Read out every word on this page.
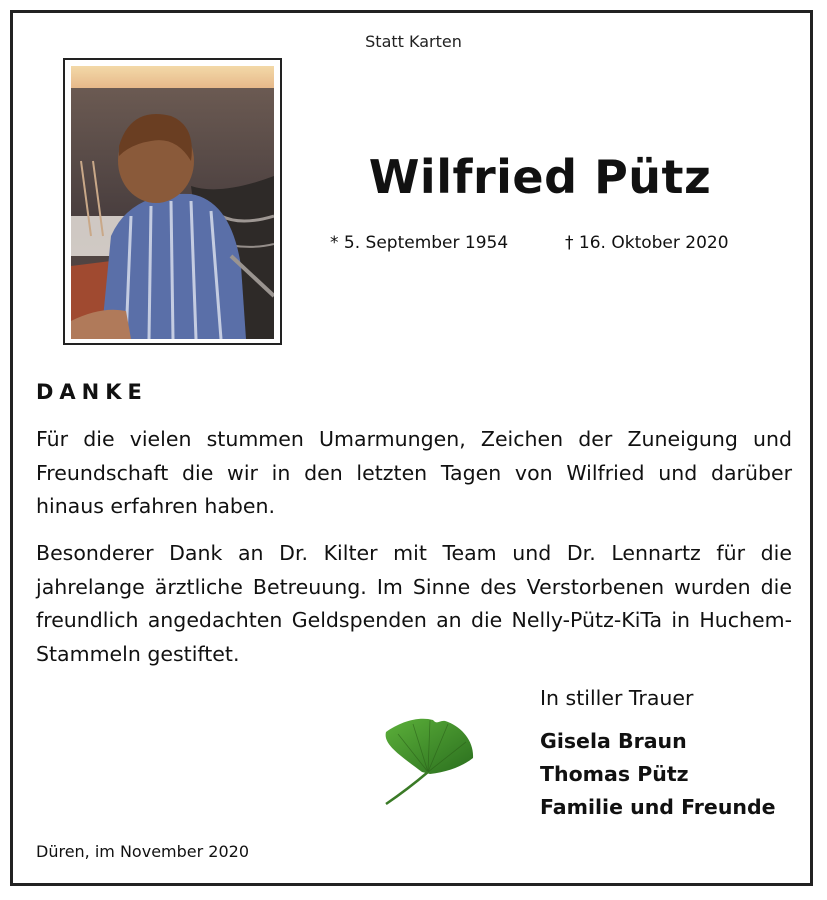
Statt Karten
Wilfried Pütz
* 5. September 1954	† 16. Oktober 2020
DANKE
Für die vielen stummen Umarmungen, Zeichen der Zuneigung und Freundschaft die wir in den letzten Tagen von Wilfried und darüber hinaus erfahren haben.
Besonderer Dank an Dr. Kilter mit Team und Dr. Lennartz für die jahrelange ärztliche Betreuung. Im Sinne des Verstorbenen wurden die freundlich angedachten Geldspenden an die Nelly-Pütz-KiTa in Huchem-Stammeln gestiftet.
In stiller Trauer
Gisela Braun
Thomas Pütz
Familie und Freunde
Düren, im November 2020
